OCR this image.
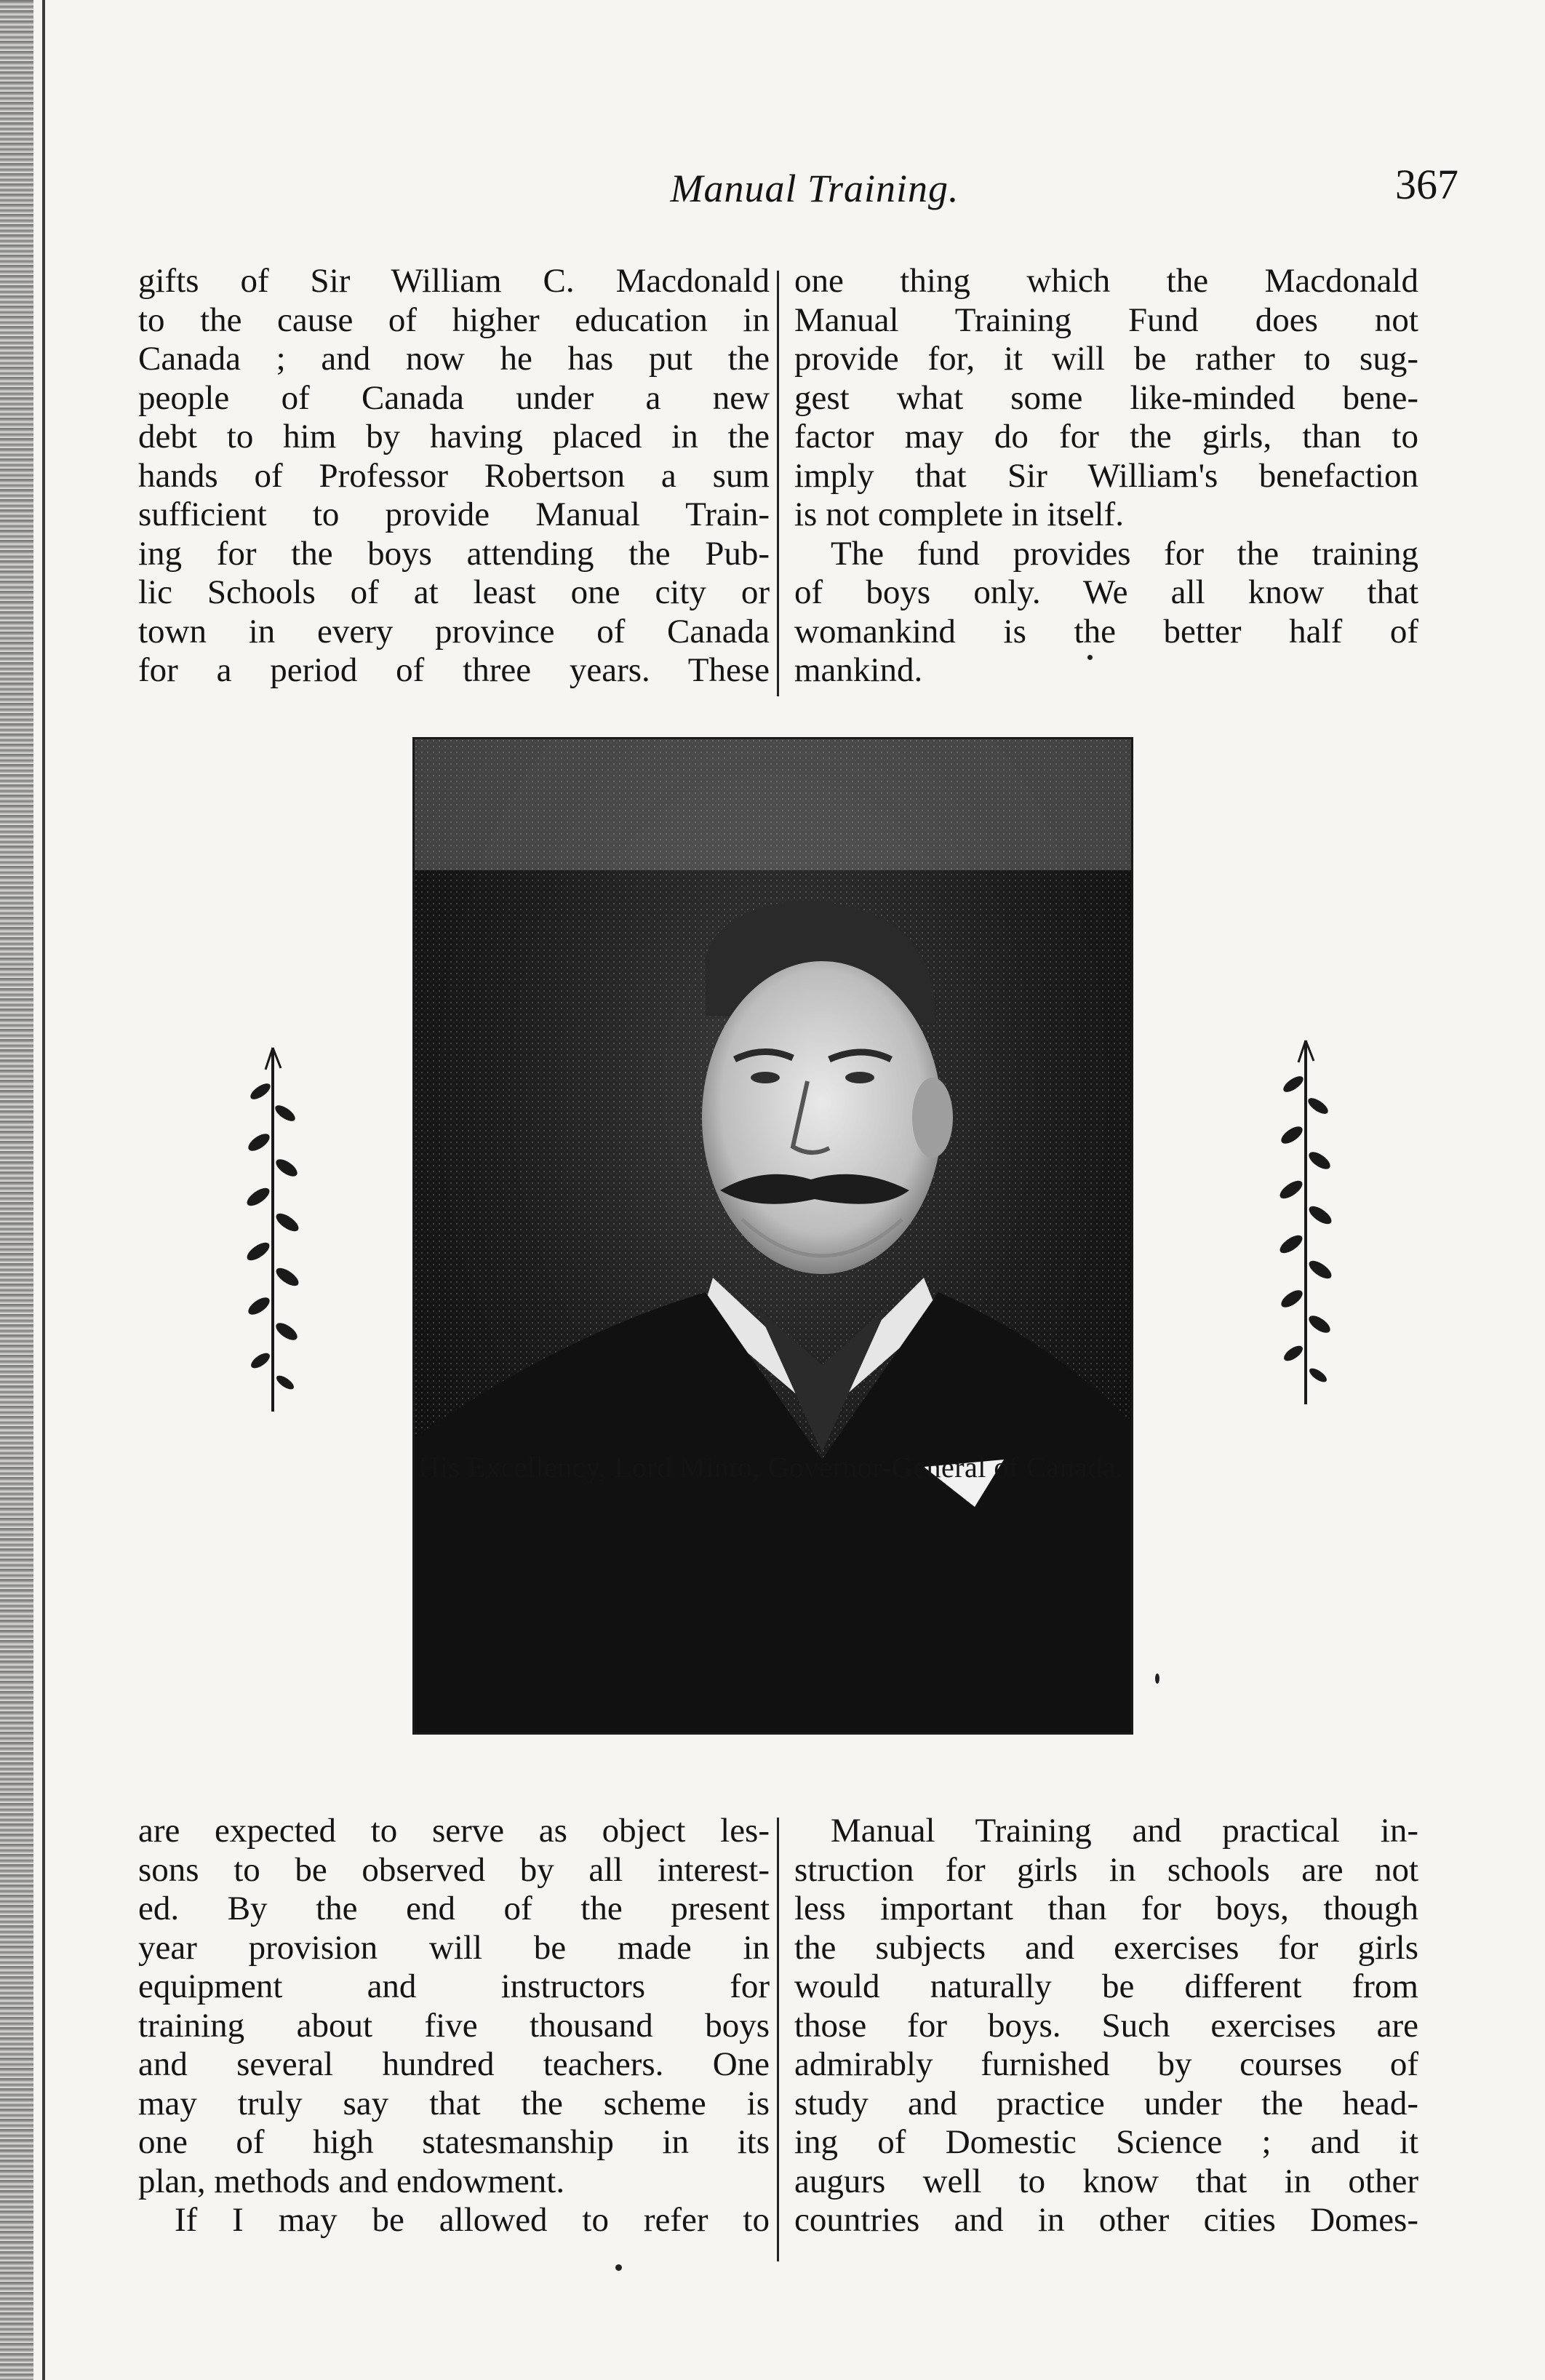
Manual Training.	367
gifts of Sir William C. Macdonald
to the cause of higher education in
Canada ; and now he has put the
people of Canada under a new
debt to him by having placed in the
hands of Professor Robertson a sum
sufficient to provide Manual Train-
ing for the boys attending the Pub-
lic Schools of at least one city or
town in every province of Canada
for a period of three years. These
one thing which the Macdonald
Manual Training Fund does not
provide for, it will be rather to sug-
gest what some like-minded bene-
factor may do for the girls, than to
imply that Sir William's benefaction
is not complete in itself.
The fund provides for the training
of boys only. We all know that
womankind is the better half of
mankind.
His Excellency, Lord Minto, Governor-General of Canada.
are expected to serve as object les-
sons to be observed by all interest-
ed. By the end of the present
year provision will be made in
equipment and instructors for
training about five thousand boys
and several hundred teachers. One
may truly say that the scheme is
one of high statesmanship in its
plan, methods and endowment.
If I may be allowed to refer to
Manual Training and practical in-
struction for girls in schools are not
less important than for boys, though
the subjects and exercises for girls
would naturally be different from
those for boys. Such exercises are
admirably furnished by courses of
study and practice under the head-
ing of Domestic Science ; and it
augurs well to know that in other
countries and in other cities Domes-
